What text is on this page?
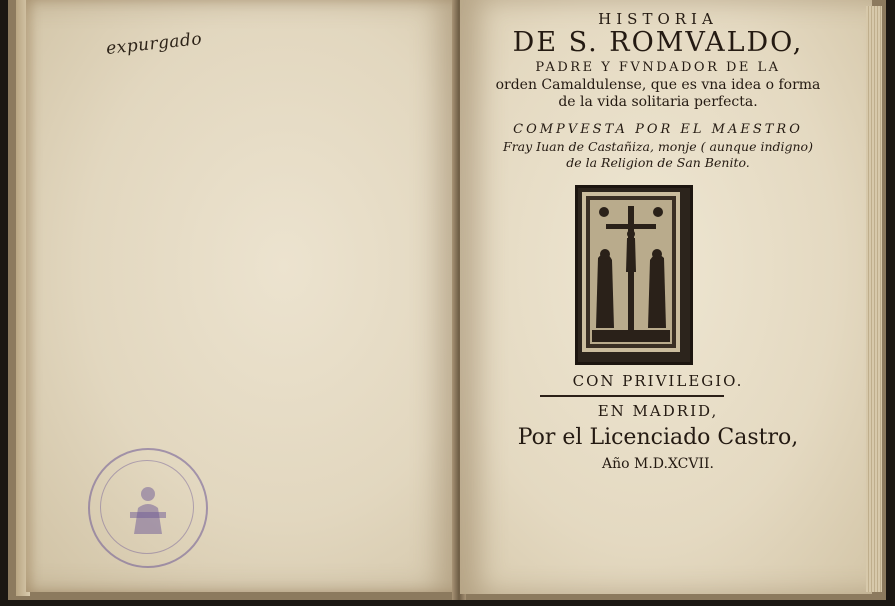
expurgado
HISTORIA
DE S. ROMVALDO,
PADRE Y FVNDADOR DE LA
orden Camaldulense, que es vna idea o forma
de la vida solitaria perfecta.
COMPVESTA POR EL MAESTRO
Fray Iuan de Castañiza, monje ( aunque indigno)
de la Religion de San Benito.
CON PRIVILEGIO.
EN MADRID,
Por el Licenciado Castro,
Año M.D.XCVII.
